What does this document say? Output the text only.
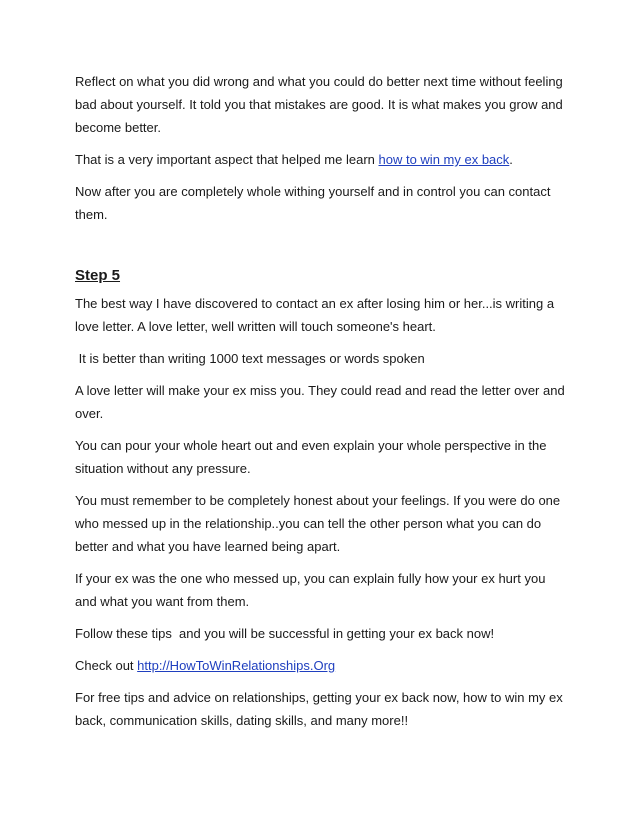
Reflect on what you did wrong and what you could do better next time without feeling bad about yourself. It told you that mistakes are good. It is what makes you grow and become better.

That is a very important aspect that helped me learn how to win my ex back.

Now after you are completely whole withing yourself and in control you can contact them.

Step 5

The best way I have discovered to contact an ex after losing him or her...is writing a love letter. A love letter, well written will touch someone's heart.

It is better than writing 1000 text messages or words spoken

A love letter will make your ex miss you. They could read and read the letter over and over.

You can pour your whole heart out and even explain your whole perspective in the situation without any pressure.

You must remember to be completely honest about your feelings. If you were do one who messed up in the relationship..you can tell the other person what you can do better and what you have learned being apart.

If your ex was the one who messed up, you can explain fully how your ex hurt you and what you want from them.

Follow these tips  and you will be successful in getting your ex back now!

Check out http://HowToWinRelationships.Org

For free tips and advice on relationships, getting your ex back now, how to win my ex back, communication skills, dating skills, and many more!!
